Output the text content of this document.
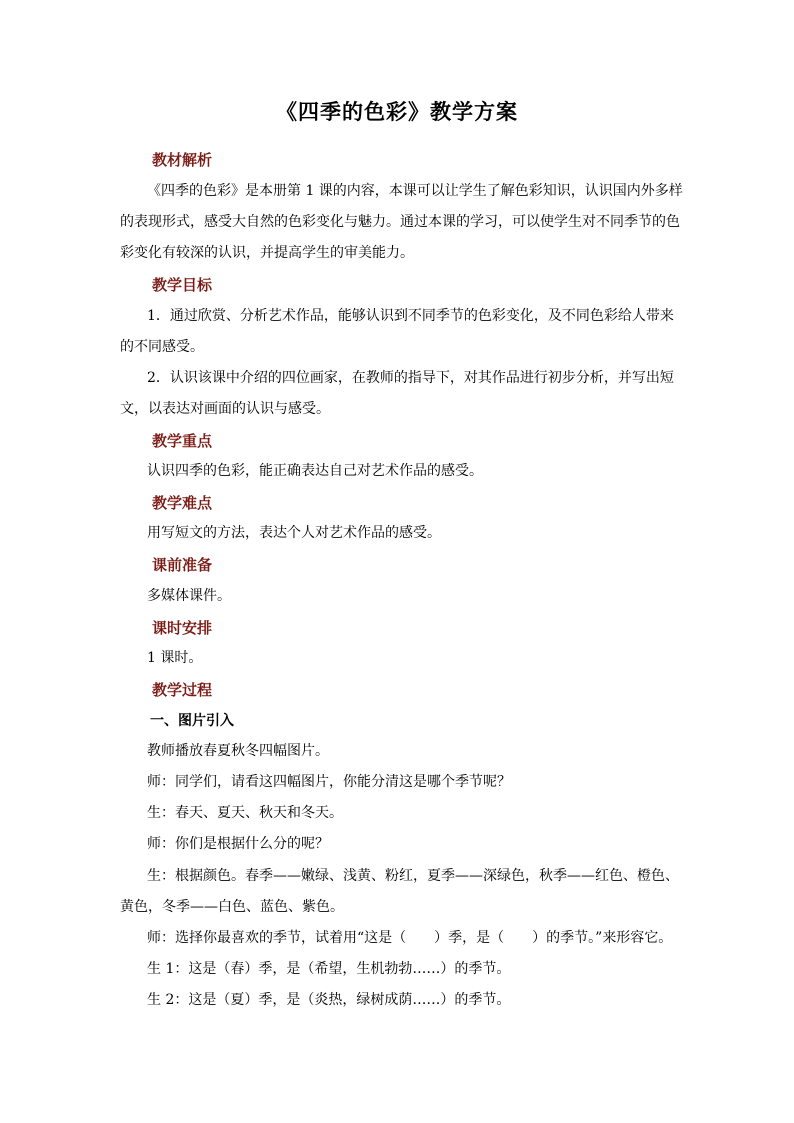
《四季的色彩》教学方案
教材解析
《四季的色彩》是本册第 1 课的内容，本课可以让学生了解色彩知识，认识国内外多样
的表现形式，感受大自然的色彩变化与魅力。通过本课的学习，可以使学生对不同季节的色
彩变化有较深的认识，并提高学生的审美能力。
教学目标
1．通过欣赏、分析艺术作品，能够认识到不同季节的色彩变化，及不同色彩给人带来
的不同感受。
2．认识该课中介绍的四位画家，在教师的指导下，对其作品进行初步分析，并写出短
文，以表达对画面的认识与感受。
教学重点
认识四季的色彩，能正确表达自己对艺术作品的感受。
教学难点
用写短文的方法，表达个人对艺术作品的感受。
课前准备
多媒体课件。
课时安排
1 课时。
教学过程
一、图片引入
教师播放春夏秋冬四幅图片。
师：同学们，请看这四幅图片，你能分清这是哪个季节呢？
生：春天、夏天、秋天和冬天。
师：你们是根据什么分的呢？
生：根据颜色。春季——嫩绿、浅黄、粉红，夏季——深绿色，秋季——红色、橙色、
黄色，冬季——白色、蓝色、紫色。
师：选择你最喜欢的季节，试着用“这是（　　）季，是（　　）的季节。”来形容它。
生 1：这是（春）季，是（希望，生机勃勃……）的季节。
生 2：这是（夏）季，是（炎热，绿树成荫……）的季节。
